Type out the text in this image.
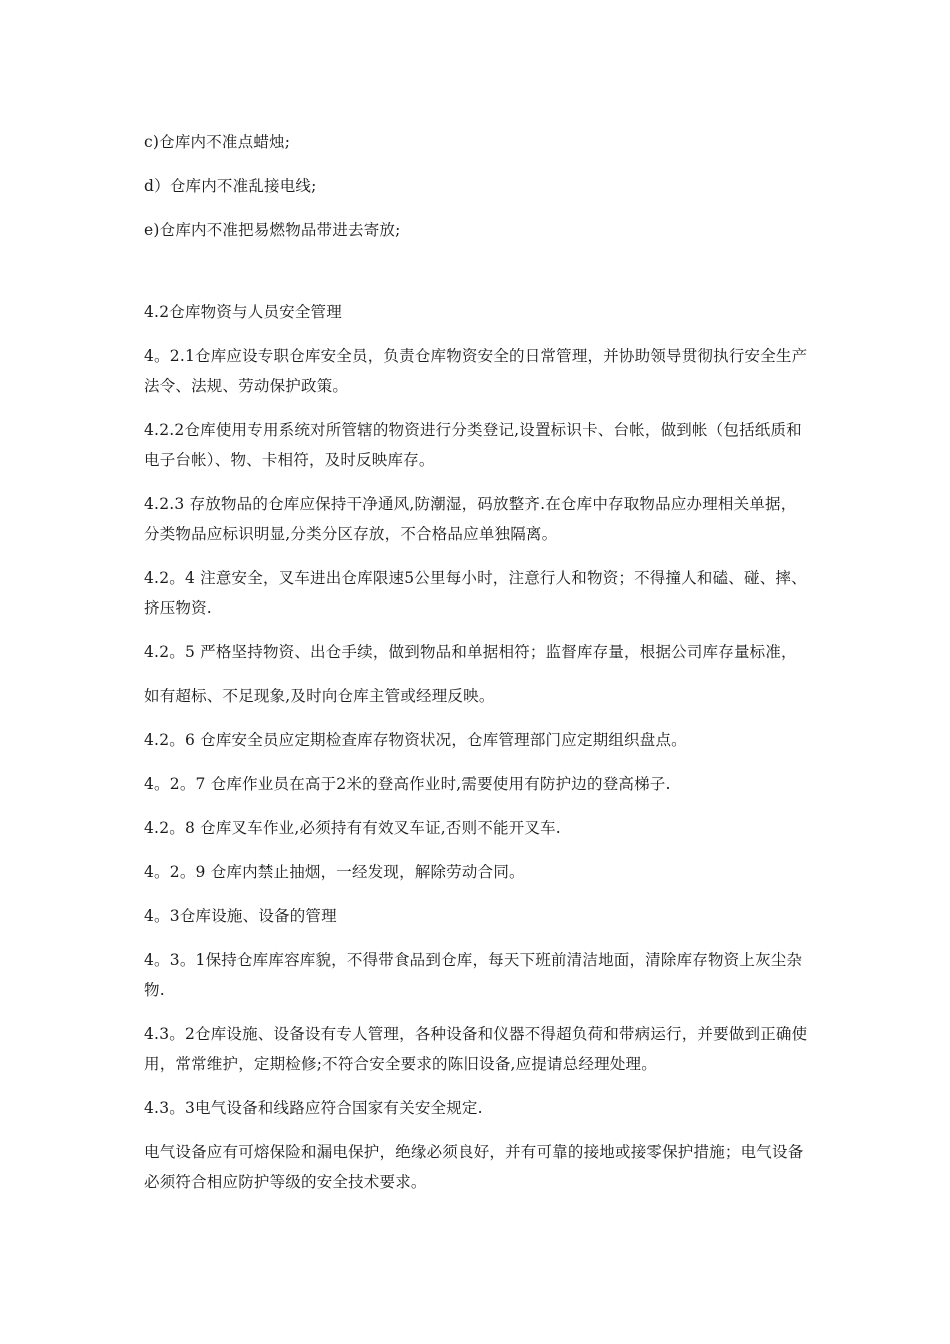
c)仓库内不准点蜡烛;

d）仓库内不准乱接电线;

e)仓库内不准把易燃物品带进去寄放;

4.2仓库物资与人员安全管理

4。2.1仓库应设专职仓库安全员，负责仓库物资安全的日常管理，并协助领导贯彻执行安全生产法令、法规、劳动保护政策。

4.2.2仓库使用专用系统对所管辖的物资进行分类登记,设置标识卡、台帐，做到帐（包括纸质和电子台帐）、物、卡相符，及时反映库存。

4.2.3 存放物品的仓库应保持干净通风,防潮湿，码放整齐.在仓库中存取物品应办理相关单据，分类物品应标识明显,分类分区存放，不合格品应单独隔离。

4.2。4 注意安全，叉车进出仓库限速5公里每小时，注意行人和物资；不得撞人和磕、碰、摔、挤压物资.

4.2。5 严格坚持物资、出仓手续，做到物品和单据相符；监督库存量，根据公司库存量标准，

如有超标、不足现象,及时向仓库主管或经理反映。

4.2。6 仓库安全员应定期检查库存物资状况，仓库管理部门应定期组织盘点。

4。2。7 仓库作业员在高于2米的登高作业时,需要使用有防护边的登高梯子.

4.2。8 仓库叉车作业,必须持有有效叉车证,否则不能开叉车.

4。2。9 仓库内禁止抽烟，一经发现，解除劳动合同。

4。3仓库设施、设备的管理

4。3。1保持仓库库容库貌，不得带食品到仓库，每天下班前清洁地面，清除库存物资上灰尘杂物.

4.3。2仓库设施、设备设有专人管理，各种设备和仪器不得超负荷和带病运行，并要做到正确使用，常常维护，定期检修;不符合安全要求的陈旧设备,应提请总经理处理。

4.3。3电气设备和线路应符合国家有关安全规定.

电气设备应有可熔保险和漏电保护，绝缘必须良好，并有可靠的接地或接零保护措施；电气设备必须符合相应防护等级的安全技术要求。
